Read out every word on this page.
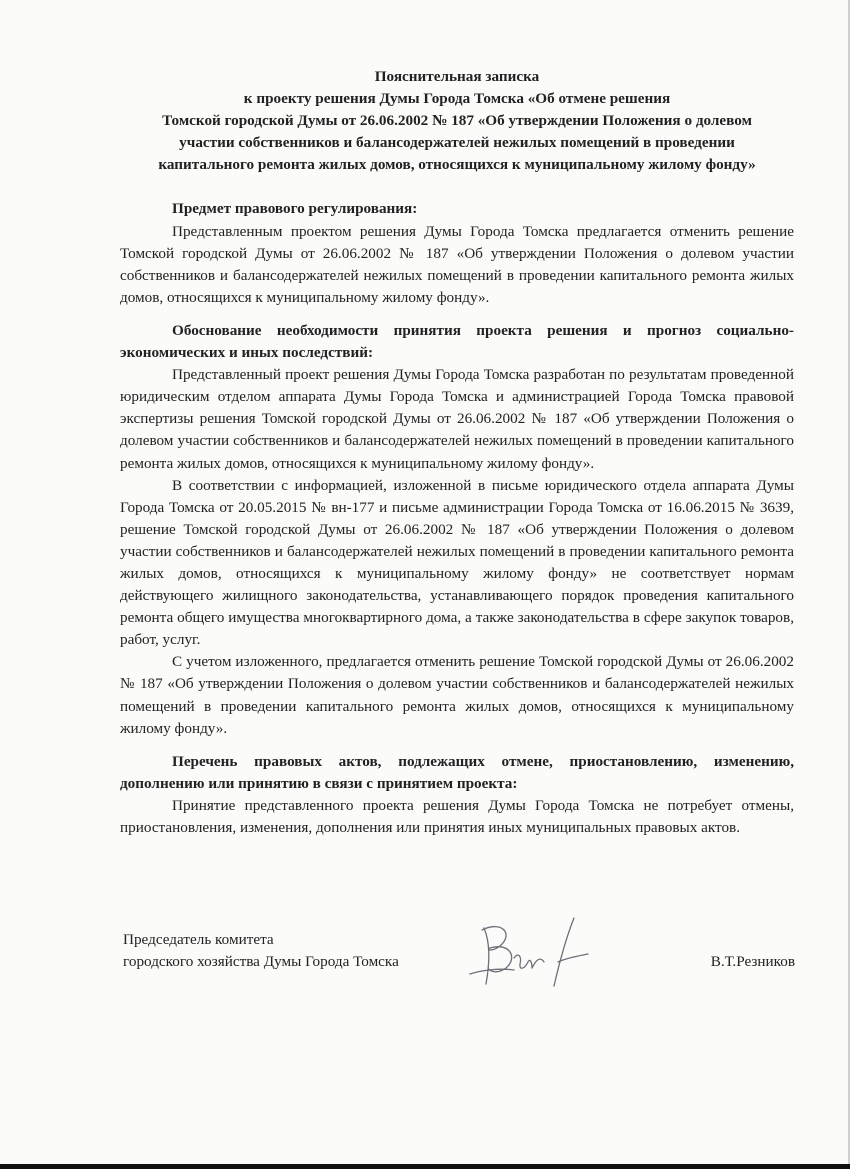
Пояснительная записка
к проекту решения Думы Города Томска «Об отмене решения
Томской городской Думы от 26.06.2002 № 187 «Об утверждении Положения о долевом
участии собственников и балансодержателей нежилых помещений в проведении
капитального ремонта жилых домов, относящихся к муниципальному жилому фонду»

Предмет правового регулирования:

Представленным проектом решения Думы Города Томска предлагается отменить решение Томской городской Думы от 26.06.2002 № 187 «Об утверждении Положения о долевом участии собственников и балансодержателей нежилых помещений в проведении капитального ремонта жилых домов, относящихся к муниципальному жилому фонду».

Обоснование необходимости принятия проекта решения и прогноз социально-экономических и иных последствий:

Представленный проект решения Думы Города Томска разработан по результатам проведенной юридическим отделом аппарата Думы Города Томска и администрацией Города Томска правовой экспертизы решения Томской городской Думы от 26.06.2002 № 187 «Об утверждении Положения о долевом участии собственников и балансодержателей нежилых помещений в проведении капитального ремонта жилых домов, относящихся к муниципальному жилому фонду».

В соответствии с информацией, изложенной в письме юридического отдела аппарата Думы Города Томска от 20.05.2015 № вн-177 и письме администрации Города Томска от 16.06.2015 № 3639, решение Томской городской Думы от 26.06.2002 № 187 «Об утверждении Положения о долевом участии собственников и балансодержателей нежилых помещений в проведении капитального ремонта жилых домов, относящихся к муниципальному жилому фонду» не соответствует нормам действующего жилищного законодательства, устанавливающего порядок проведения капитального ремонта общего имущества многоквартирного дома, а также законодательства в сфере закупок товаров, работ, услуг.

С учетом изложенного, предлагается отменить решение Томской городской Думы от 26.06.2002 № 187 «Об утверждении Положения о долевом участии собственников и балансодержателей нежилых помещений в проведении капитального ремонта жилых домов, относящихся к муниципальному жилому фонду».

Перечень правовых актов, подлежащих отмене, приостановлению, изменению, дополнению или принятию в связи с принятием проекта:

Принятие представленного проекта решения Думы Города Томска не потребует отмены, приостановления, изменения, дополнения или принятия иных муниципальных правовых актов.

Председатель комитета
городского хозяйства Думы Города Томска	В.Т.Резников
